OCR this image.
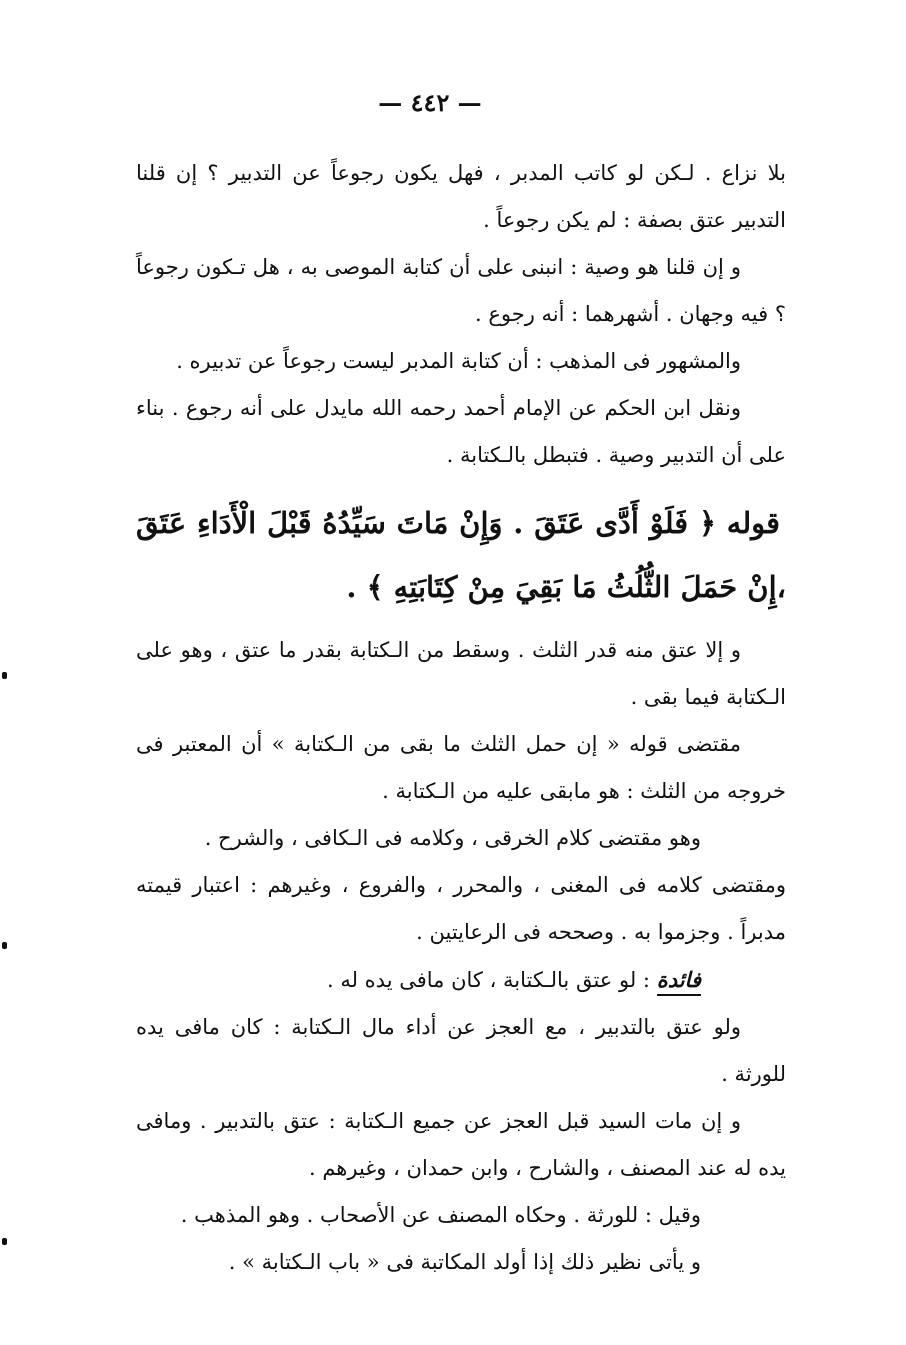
— ٤٤٢ —

بلا نزاع . لـكن لو كاتب المدبر ، فهل يكون رجوعاً عن التدبير ؟ إن قلنا التدبير عتق بصفة : لم يكن رجوعاً .

و إن قلنا هو وصية : انبنى على أن كتابة الموصى به ، هل تـكون رجوعاً ؟ فيه وجهان . أشهرهما : أنه رجوع .

والمشهور فى المذهب : أن كتابة المدبر ليست رجوعاً عن تدبيره .

ونقل ابن الحكم عن الإمام أحمد رحمه الله مايدل على أنه رجوع . بناء على أن التدبير وصية . فتبطل بالـكتابة .

قوله ﴿ فَلَوْ أَدَّى عَتَقَ . وَإِنْ مَاتَ سَيِّدُهُ قَبْلَ الْأَدَاءِ عَتَقَ ،إِنْ حَمَلَ الثُّلُثُ مَا بَقِيَ مِنْ كِتَابَتِهِ ﴾ .

و إلا عتق منه قدر الثلث . وسقط من الـكتابة بقدر ما عتق ، وهو على الـكتابة فيما بقى .

مقتضى قوله « إن حمل الثلث ما بقى من الـكتابة » أن المعتبر فى خروجه من الثلث : هو مابقى عليه من الـكتابة .

وهو مقتضى كلام الخرقى ، وكلامه فى الـكافى ، والشرح .

ومقتضى كلامه فى المغنى ، والمحرر ، والفروع ، وغيرهم : اعتبار قيمته مدبراً . وجزموا به . وصححه فى الرعايتين .

فائدة : لو عتق بالـكتابة ، كان مافى يده له .

ولو عتق بالتدبير ، مع العجز عن أداء مال الـكتابة : كان مافى يده للورثة .

و إن مات السيد قبل العجز عن جميع الـكتابة : عتق بالتدبير . ومافى يده له عند المصنف ، والشارح ، وابن حمدان ، وغيرهم .

وقيل : للورثة . وحكاه المصنف عن الأصحاب . وهو المذهب .

و يأتى نظير ذلك إذا أولد المكاتبة فى « باب الـكتابة » .
